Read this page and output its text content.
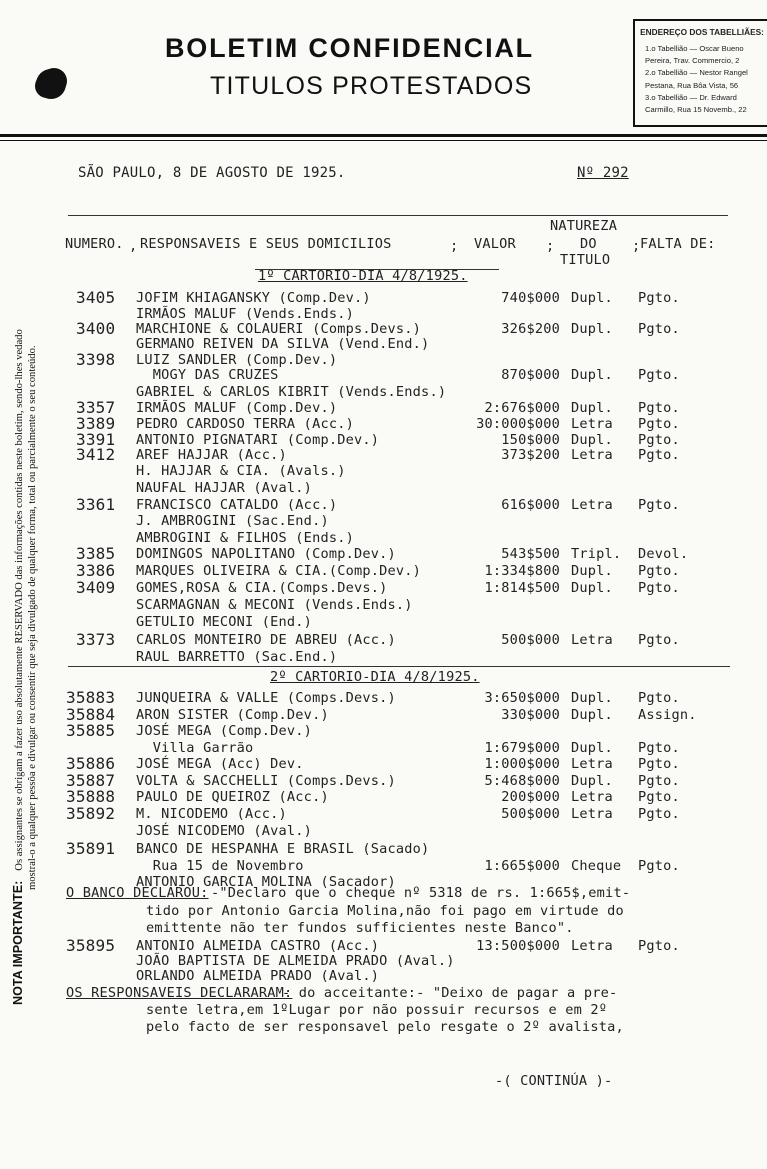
BOLETIM CONFIDENCIAL
TITULOS PROTESTADOS
ENDEREÇO DOS TABELLIÃES:
1.o Tabellião — Oscar Bueno
Pereira, Trav. Commercio, 2
2.o Tabellião — Nestor Rangel
Pestana, Rua Bôa Vista, 56
3.o Tabellião — Dr. Edward
Carmillo, Rua 15 Novemb., 22
NOTA IMPORTANTE:Os assignantes se obrigam a fazer uso absolutamente RESERVADO das informações contidas neste boletim, sendo-lhes vedado mostral-o a qualquer pessôa e divulgar ou consentir que seja divulgado de qualquer forma, total ou parcialmente o seu conteúdo.
SÃO PAULO, 8 DE AGOSTO DE 1925.	Nº 292
NUMERO. RESPONSAVEIS E SEUS DOMICILIOS	VALOR
NATUREZA
DO
TITULO
FALTA DE:
,	;	;	;
1º CARTORIO-DIA 4/8/1925.
3405 JOFIM KHIAGANSKY (Comp.Dev.)	740$000 Dupl. Pgto.
IRMÃOS MALUF (Vends.Ends.)
3400 MARCHIONE & COLAUERI (Comps.Devs.)	326$200 Dupl. Pgto.
GERMANO REIVEN DA SILVA (Vend.End.)
3398 LUIZ SANDLER (Comp.Dev.)
MOGY DAS CRUZES	870$000 Dupl. Pgto.
GABRIEL & CARLOS KIBRIT (Vends.Ends.)
3357 IRMÃOS MALUF (Comp.Dev.)	2:676$000 Dupl. Pgto.
3389 PEDRO CARDOSO TERRA (Acc.)	30:000$000 Letra Pgto.
3391 ANTONIO PIGNATARI (Comp.Dev.)	150$000 Dupl. Pgto.
3412 AREF HAJJAR (Acc.)	373$200 Letra Pgto.
H. HAJJAR & CIA. (Avals.)
NAUFAL HAJJAR (Aval.)
3361 FRANCISCO CATALDO (Acc.)	616$000 Letra Pgto.
J. AMBROGINI (Sac.End.)
AMBROGINI & FILHOS (Ends.)
3385 DOMINGOS NAPOLITANO (Comp.Dev.)	543$500 Tripl. Devol.
3386 MARQUES OLIVEIRA & CIA.(Comp.Dev.)	1:334$800 Dupl. Pgto.
3409 GOMES,ROSA & CIA.(Comps.Devs.)	1:814$500 Dupl. Pgto.
SCARMAGNAN & MECONI (Vends.Ends.)
GETULIO MECONI (End.)
3373 CARLOS MONTEIRO DE ABREU (Acc.)	500$000 Letra Pgto.
RAUL BARRETTO (Sac.End.)
2º CARTORIO-DIA 4/8/1925.
35883 JUNQUEIRA & VALLE (Comps.Devs.)	3:650$000 Dupl. Pgto.
35884 ARON SISTER (Comp.Dev.)	330$000 Dupl. Assign.
35885 JOSÉ MEGA (Comp.Dev.)
Villa Garrão	1:679$000 Dupl. Pgto.
35886 JOSÉ MEGA (Acc) Dev.	1:000$000 Letra Pgto.
35887 VOLTA & SACCHELLI (Comps.Devs.)	5:468$000 Dupl. Pgto.
35888 PAULO DE QUEIROZ (Acc.)	200$000 Letra Pgto.
35892 M. NICODEMO (Acc.)	500$000 Letra Pgto.
JOSÉ NICODEMO (Aval.)
35891 BANCO DE HESPANHA E BRASIL (Sacado)
Rua 15 de Novembro	1:665$000 Cheque Pgto.
ANTONIO GARCIA MOLINA (Sacador)
O BANCO DECLAROU: -"Declaro que o cheque nº 5318 de rs. 1:665$,emit-
tido por Antonio Garcia Molina,não foi pago em virtude do
emittente não ter fundos sufficientes neste Banco".
35895 ANTONIO ALMEIDA CASTRO (Acc.)	13:500$000 Letra Pgto.
JOÃO BAPTISTA DE ALMEIDA PRADO (Aval.)
ORLANDO ALMEIDA PRADO (Aval.)
OS RESPONSAVEIS DECLARARAM:
- do acceitante:- "Deixo de pagar a pre-
sente letra,em 1ºLugar por não possuir recursos e em 2º
pelo facto de ser responsavel pelo resgate o 2º avalista,
-( CONTINÚA )-
